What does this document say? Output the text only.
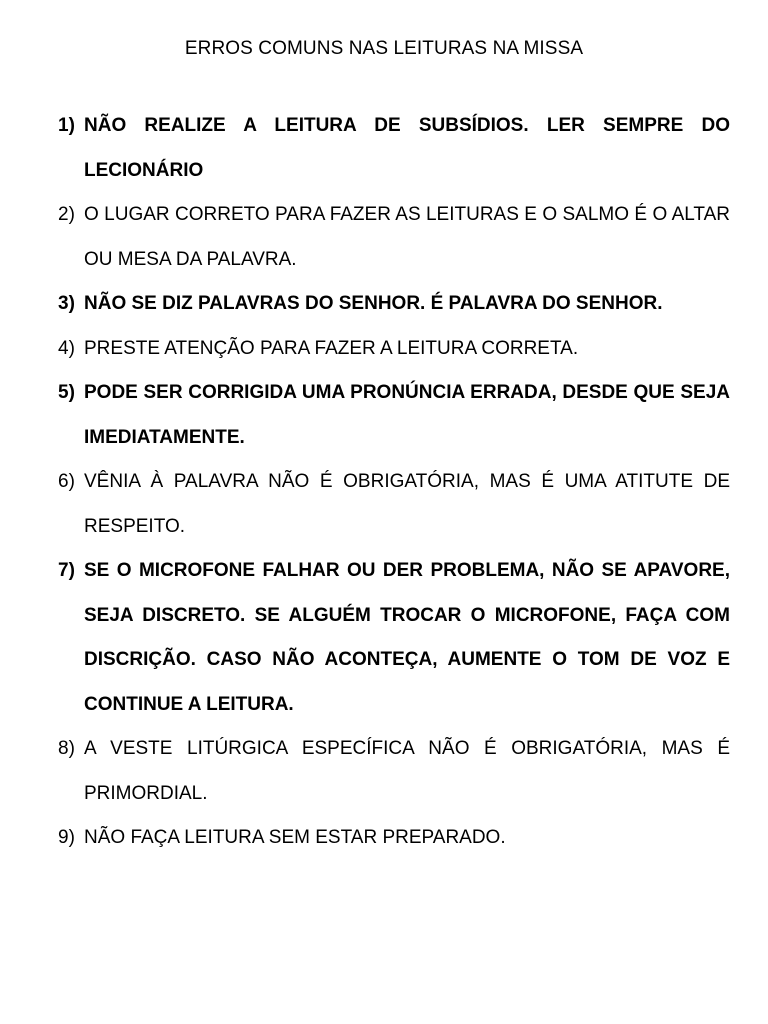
ERROS COMUNS NAS LEITURAS NA MISSA
1) NÃO REALIZE A LEITURA DE SUBSÍDIOS. LER SEMPRE DO LECIONÁRIO
2) O LUGAR CORRETO PARA FAZER AS LEITURAS E O SALMO É O ALTAR OU MESA DA PALAVRA.
3) NÃO SE DIZ PALAVRAS DO SENHOR. É PALAVRA DO SENHOR.
4) PRESTE ATENÇÃO PARA FAZER A LEITURA CORRETA.
5) PODE SER CORRIGIDA UMA PRONÚNCIA ERRADA, DESDE QUE SEJA IMEDIATAMENTE.
6) VÊNIA À PALAVRA NÃO É OBRIGATÓRIA, MAS É UMA ATITUTE DE RESPEITO.
7) SE O MICROFONE FALHAR OU DER PROBLEMA, NÃO SE APAVORE, SEJA DISCRETO. SE ALGUÉM TROCAR O MICROFONE, FAÇA COM DISCRIÇÃO. CASO NÃO ACONTEÇA, AUMENTE O TOM DE VOZ E CONTINUE A LEITURA.
8) A VESTE LITÚRGICA ESPECÍFICA NÃO É OBRIGATÓRIA, MAS É PRIMORDIAL.
9) NÃO FAÇA LEITURA SEM ESTAR PREPARADO.
